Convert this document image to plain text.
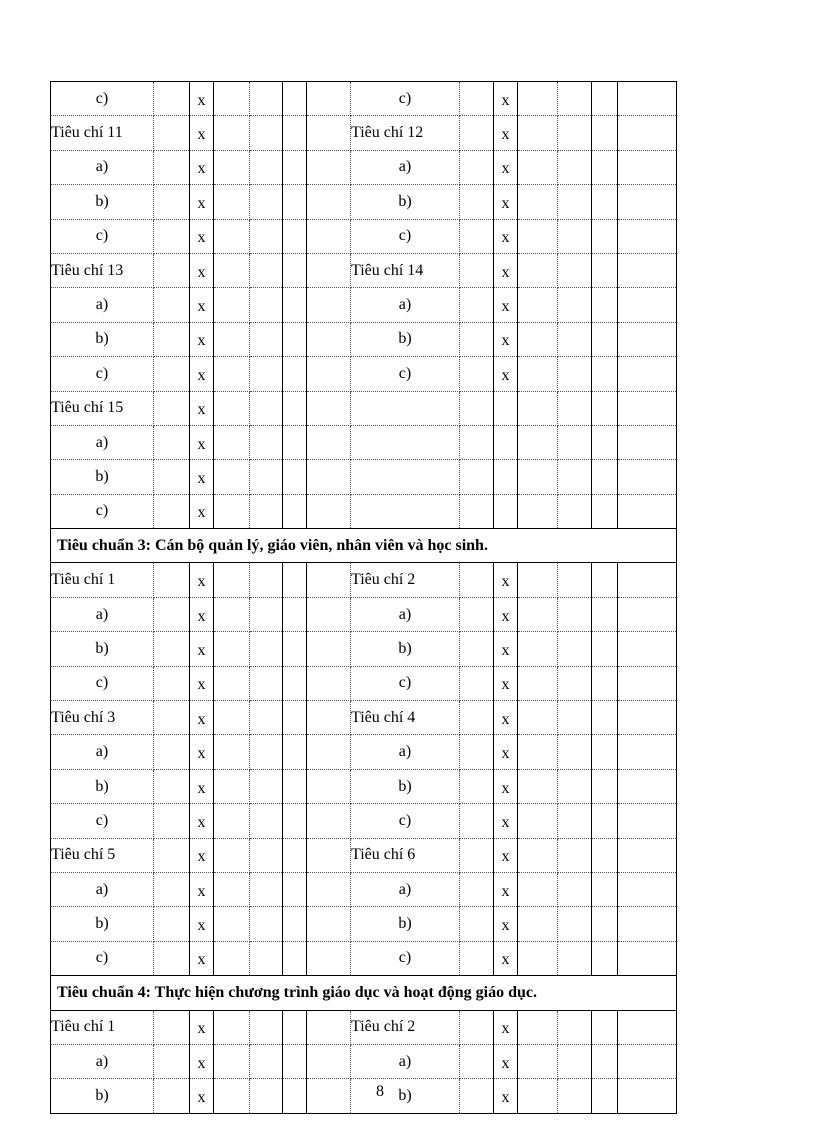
c)		x					c)		x				
Tiêu chí 11		x					Tiêu chí 12		x				
a)		x					a)		x				
b)		x					b)		x				
c)		x					c)		x				
Tiêu chí 13		x					Tiêu chí 14		x				
a)		x					a)		x				
b)		x					b)		x				
c)		x					c)		x				
Tiêu chí 15		x											
a)		x											
b)		x											
c)		x											
Tiêu chuẩn 3: Cán bộ quản lý, giáo viên, nhân viên và học sinh.													
Tiêu chí 1		x					Tiêu chí 2		x				
a)		x					a)		x				
b)		x					b)		x				
c)		x					c)		x				
Tiêu chí 3		x					Tiêu chí 4		x				
a)		x					a)		x				
b)		x					b)		x				
c)		x					c)		x				
Tiêu chí 5		x					Tiêu chí 6		x				
a)		x					a)		x				
b)		x					b)		x				
c)		x					c)		x				
Tiêu chuẩn 4: Thực hiện chương trình giáo dục và hoạt động giáo dục.													
Tiêu chí 1		x					Tiêu chí 2		x				
a)		x					a)		x				
b)		x					b)		x				
8
